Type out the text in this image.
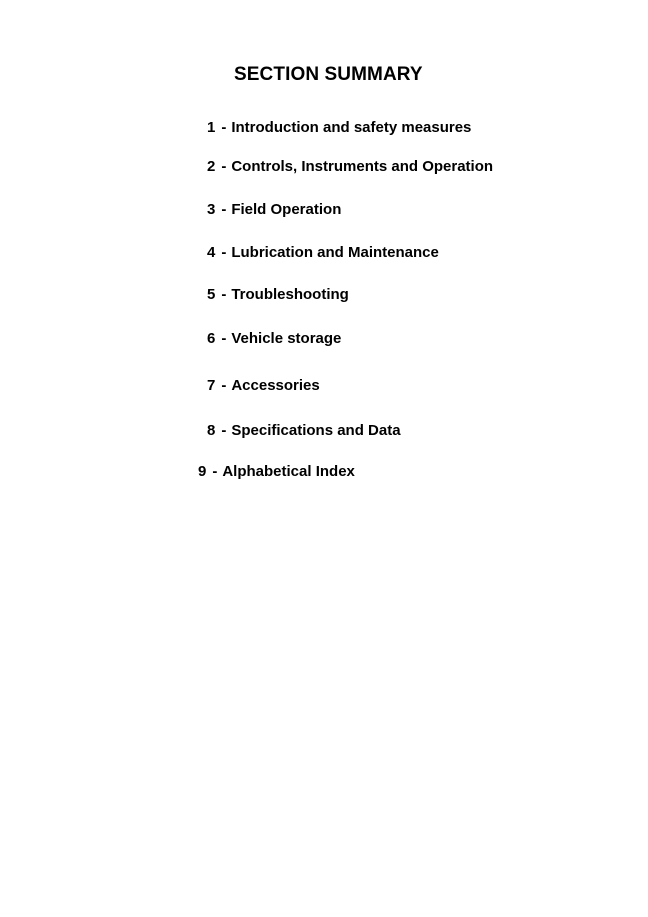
SECTION SUMMARY
1 - Introduction and safety measures
2 - Controls, Instruments and Operation
3 - Field Operation
4 - Lubrication and Maintenance
5 - Troubleshooting
6 - Vehicle storage
7 - Accessories
8 - Specifications and Data
9 - Alphabetical Index
